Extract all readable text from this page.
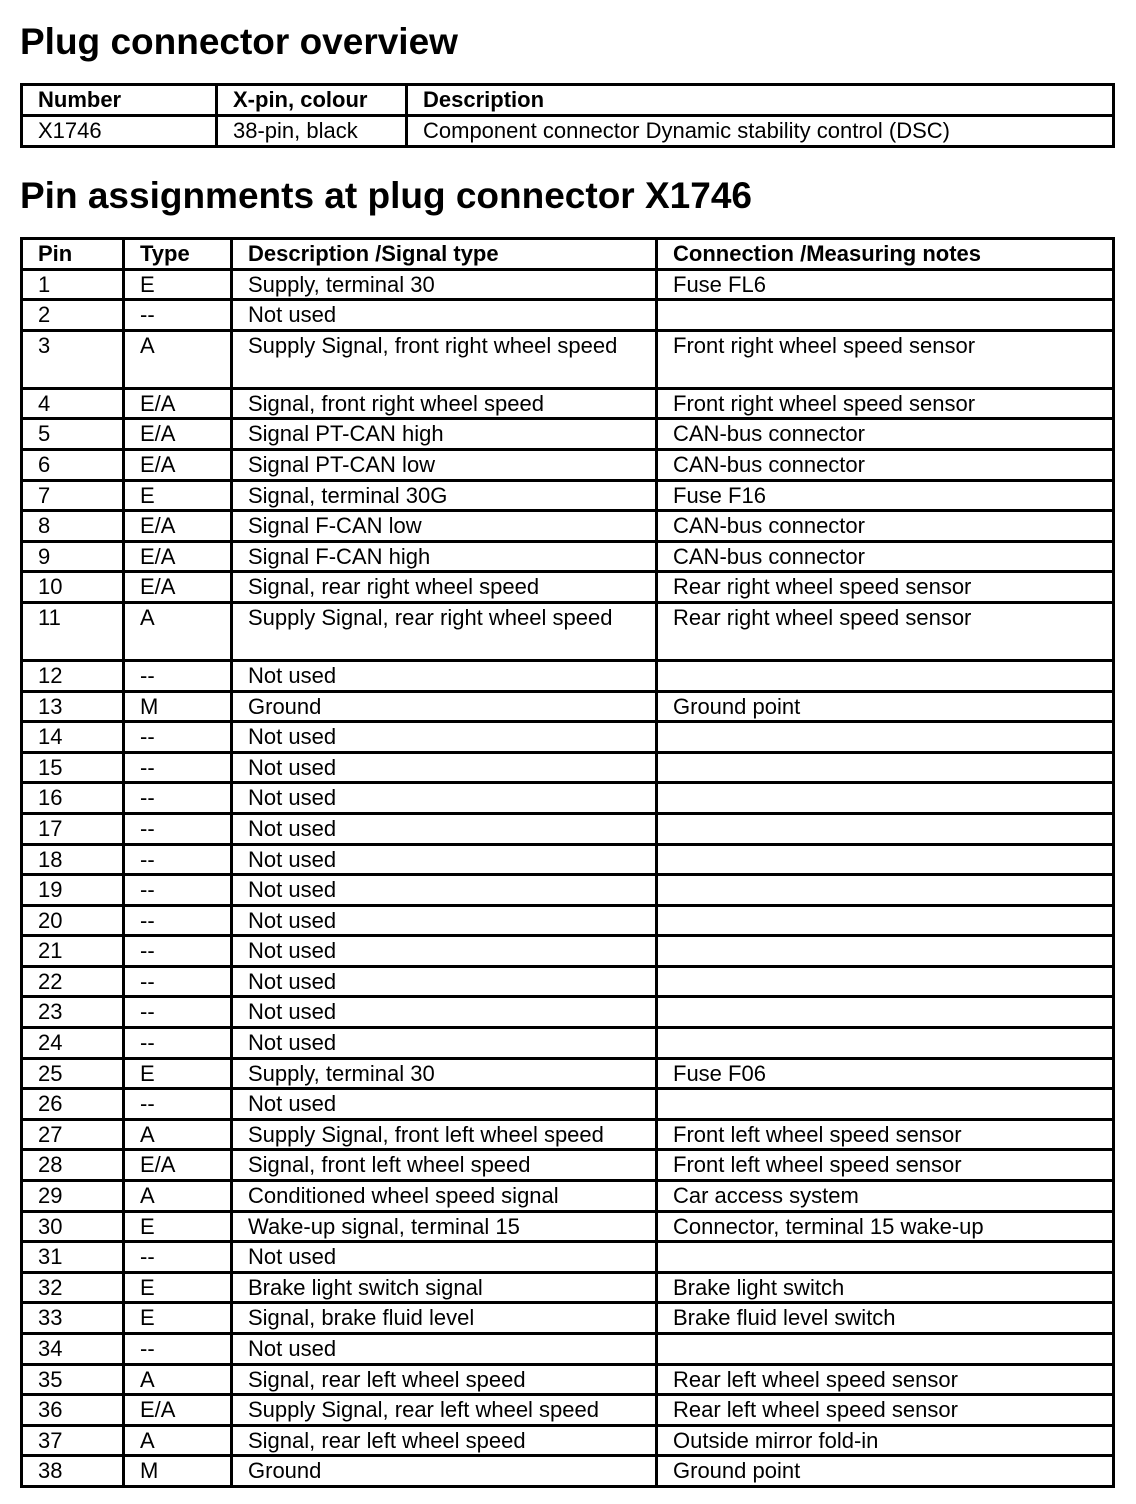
Plug connector overview
Number	X-pin, colour	Description
X1746	38-pin, black	Component connector Dynamic stability control (DSC)
Pin assignments at plug connector X1746
Pin	Type	Description /Signal type	Connection /Measuring notes
1	E	Supply, terminal 30	Fuse FL6
2	--	Not used	
3	A	Supply Signal, front right wheel speed	Front right wheel speed sensor
4	E/A	Signal, front right wheel speed	Front right wheel speed sensor
5	E/A	Signal PT-CAN high	CAN-bus connector
6	E/A	Signal PT-CAN low	CAN-bus connector
7	E	Signal, terminal 30G	Fuse F16
8	E/A	Signal F-CAN low	CAN-bus connector
9	E/A	Signal F-CAN high	CAN-bus connector
10	E/A	Signal, rear right wheel speed	Rear right wheel speed sensor
11	A	Supply Signal, rear right wheel speed	Rear right wheel speed sensor
12	--	Not used	
13	M	Ground	Ground point
14	--	Not used	
15	--	Not used	
16	--	Not used	
17	--	Not used	
18	--	Not used	
19	--	Not used	
20	--	Not used	
21	--	Not used	
22	--	Not used	
23	--	Not used	
24	--	Not used	
25	E	Supply, terminal 30	Fuse F06
26	--	Not used	
27	A	Supply Signal, front left wheel speed	Front left wheel speed sensor
28	E/A	Signal, front left wheel speed	Front left wheel speed sensor
29	A	Conditioned wheel speed signal	Car access system
30	E	Wake-up signal, terminal 15	Connector, terminal 15 wake-up
31	--	Not used	
32	E	Brake light switch signal	Brake light switch
33	E	Signal, brake fluid level	Brake fluid level switch
34	--	Not used	
35	A	Signal, rear left wheel speed	Rear left wheel speed sensor
36	E/A	Supply Signal, rear left wheel speed	Rear left wheel speed sensor
37	A	Signal, rear left wheel speed	Outside mirror fold-in
38	M	Ground	Ground point
